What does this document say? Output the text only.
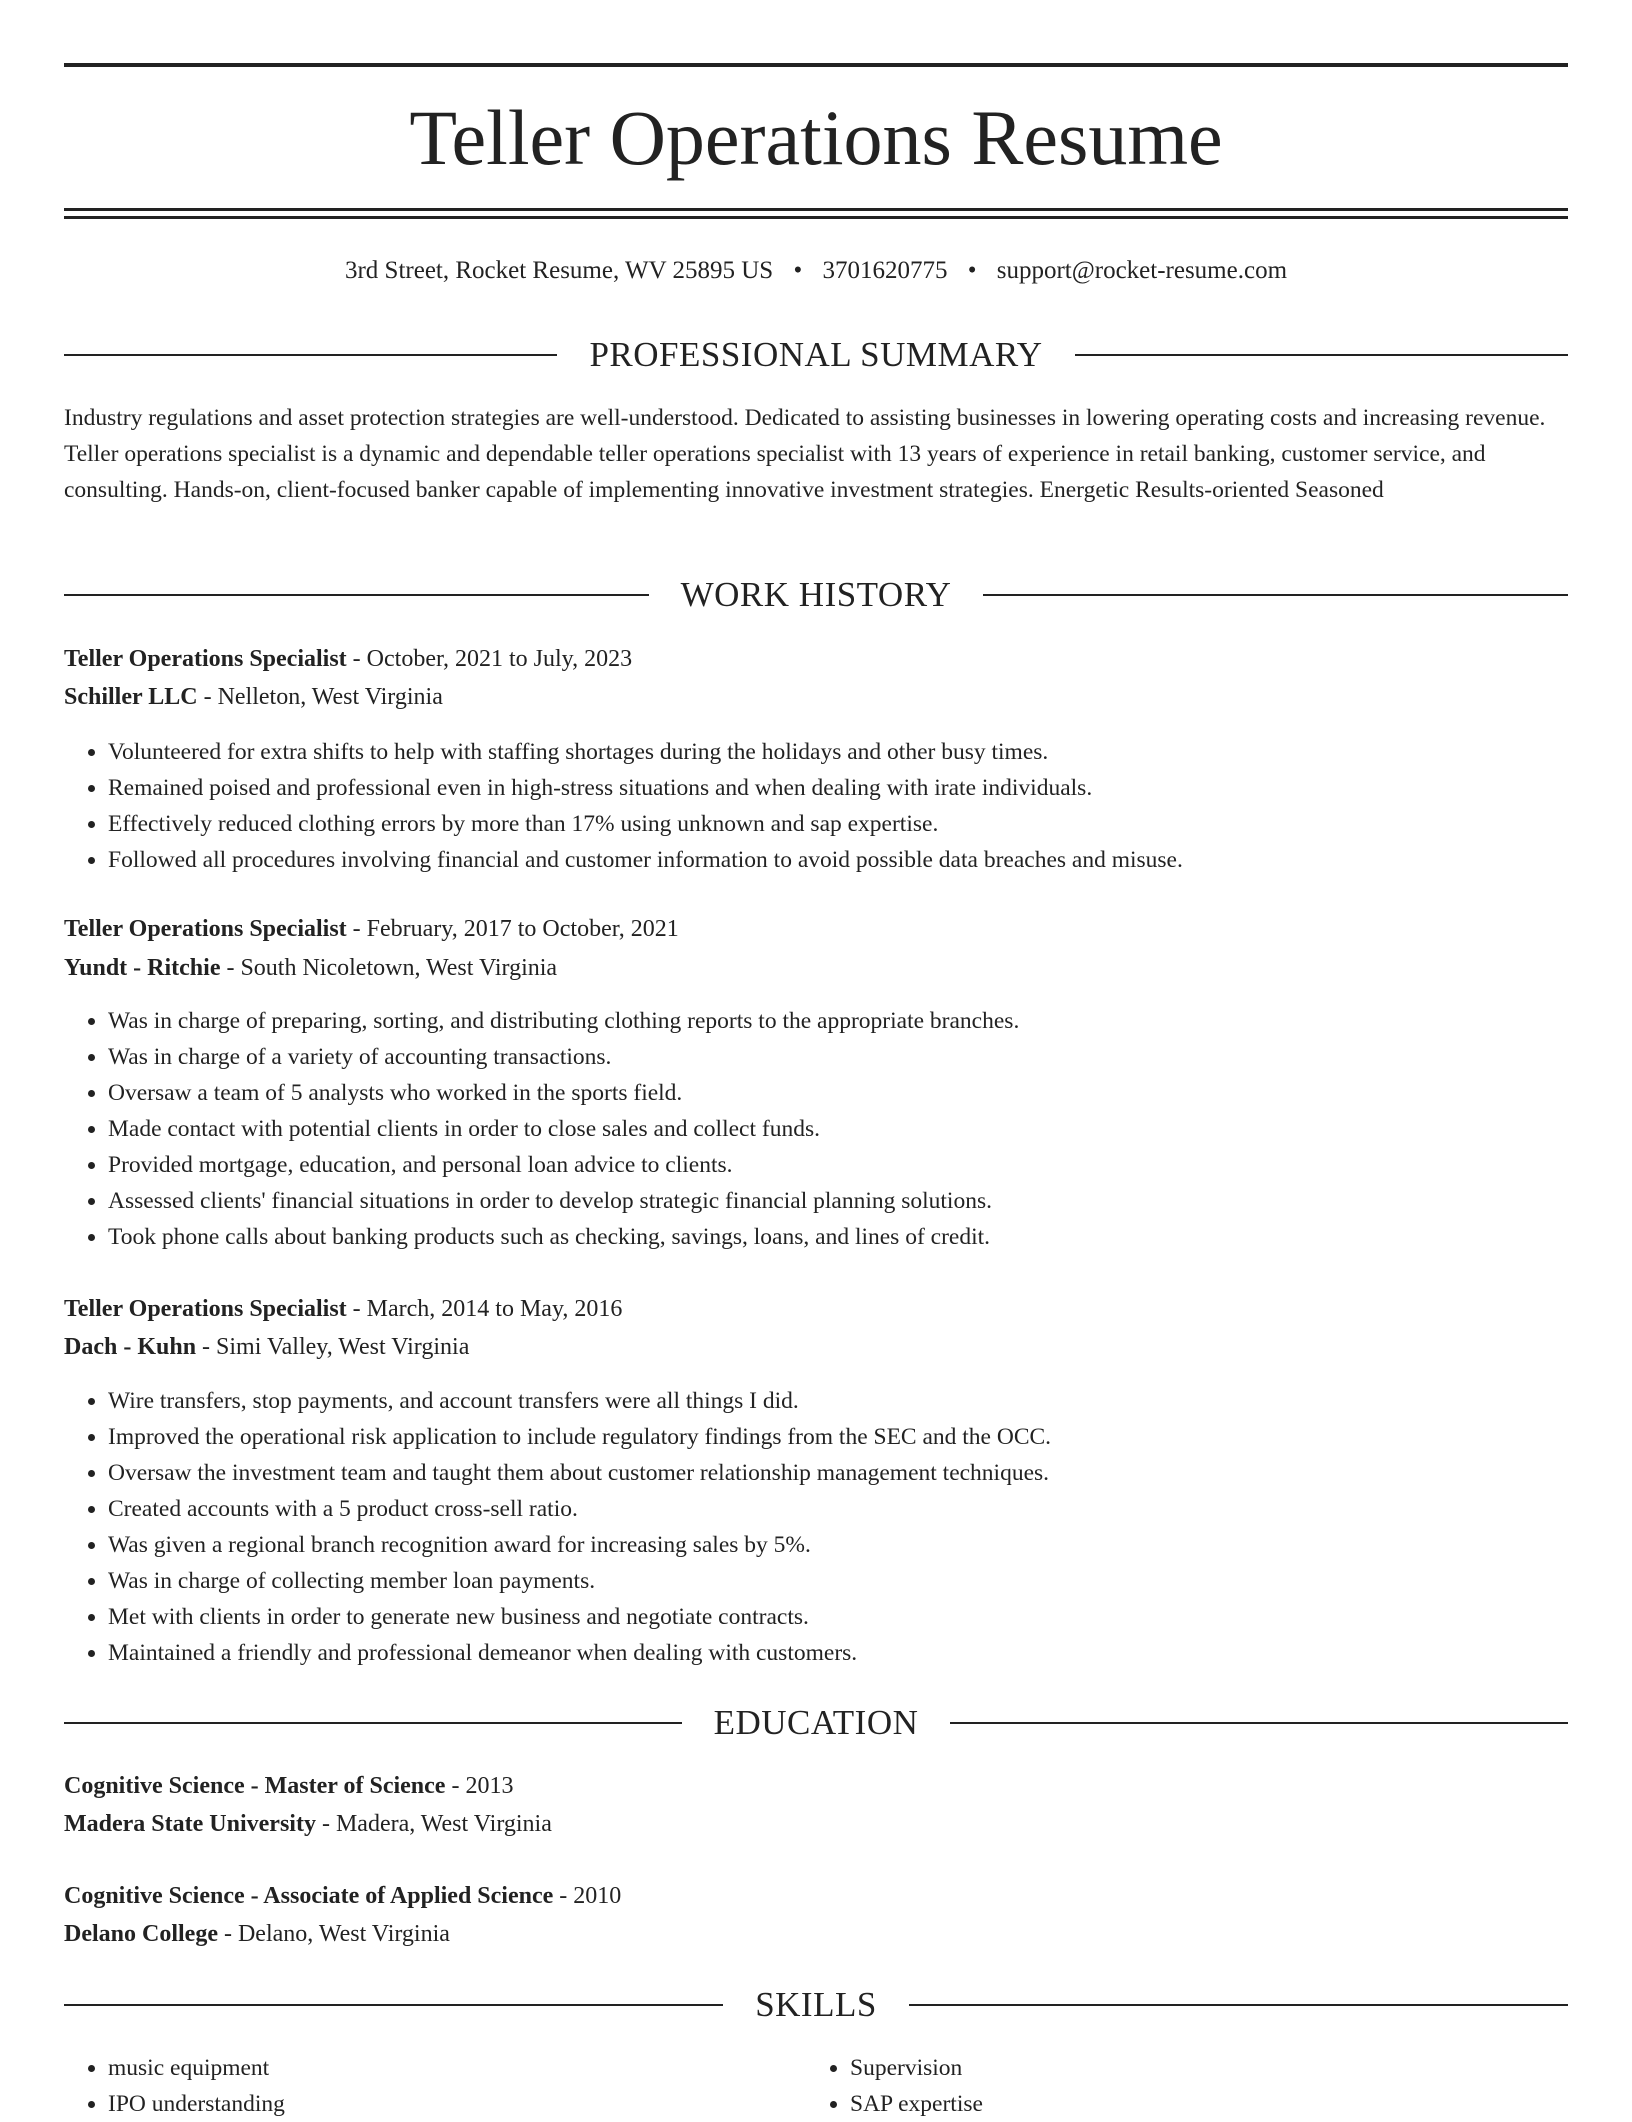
Teller Operations Resume
3rd Street, Rocket Resume, WV 25895 US • 3701620775 • support@rocket-resume.com
PROFESSIONAL SUMMARY

Industry regulations and asset protection strategies are well-understood. Dedicated to assisting businesses in lowering operating costs and increasing revenue. Teller operations specialist is a dynamic and dependable teller operations specialist with 13 years of experience in retail banking, customer service, and consulting. Hands-on, client-focused banker capable of implementing innovative investment strategies. Energetic Results-oriented Seasoned

WORK HISTORY
Teller Operations Specialist - October, 2021 to July, 2023
Schiller LLC - Nelleton, West Virginia
• Volunteered for extra shifts to help with staffing shortages during the holidays and other busy times.
• Remained poised and professional even in high-stress situations and when dealing with irate individuals.
• Effectively reduced clothing errors by more than 17% using unknown and sap expertise.
• Followed all procedures involving financial and customer information to avoid possible data breaches and misuse.
Teller Operations Specialist - February, 2017 to October, 2021
Yundt - Ritchie - South Nicoletown, West Virginia
• Was in charge of preparing, sorting, and distributing clothing reports to the appropriate branches.
• Was in charge of a variety of accounting transactions.
• Oversaw a team of 5 analysts who worked in the sports field.
• Made contact with potential clients in order to close sales and collect funds.
• Provided mortgage, education, and personal loan advice to clients.
• Assessed clients' financial situations in order to develop strategic financial planning solutions.
• Took phone calls about banking products such as checking, savings, loans, and lines of credit.
Teller Operations Specialist - March, 2014 to May, 2016
Dach - Kuhn - Simi Valley, West Virginia
• Wire transfers, stop payments, and account transfers were all things I did.
• Improved the operational risk application to include regulatory findings from the SEC and the OCC.
• Oversaw the investment team and taught them about customer relationship management techniques.
• Created accounts with a 5 product cross-sell ratio.
• Was given a regional branch recognition award for increasing sales by 5%.
• Was in charge of collecting member loan payments.
• Met with clients in order to generate new business and negotiate contracts.
• Maintained a friendly and professional demeanor when dealing with customers.
EDUCATION
Cognitive Science - Master of Science - 2013
Madera State University - Madera, West Virginia
Cognitive Science - Associate of Applied Science - 2010
Delano College - Delano, West Virginia
SKILLS
• music equipment
• IPO understanding
• Supervision
• SAP expertise
